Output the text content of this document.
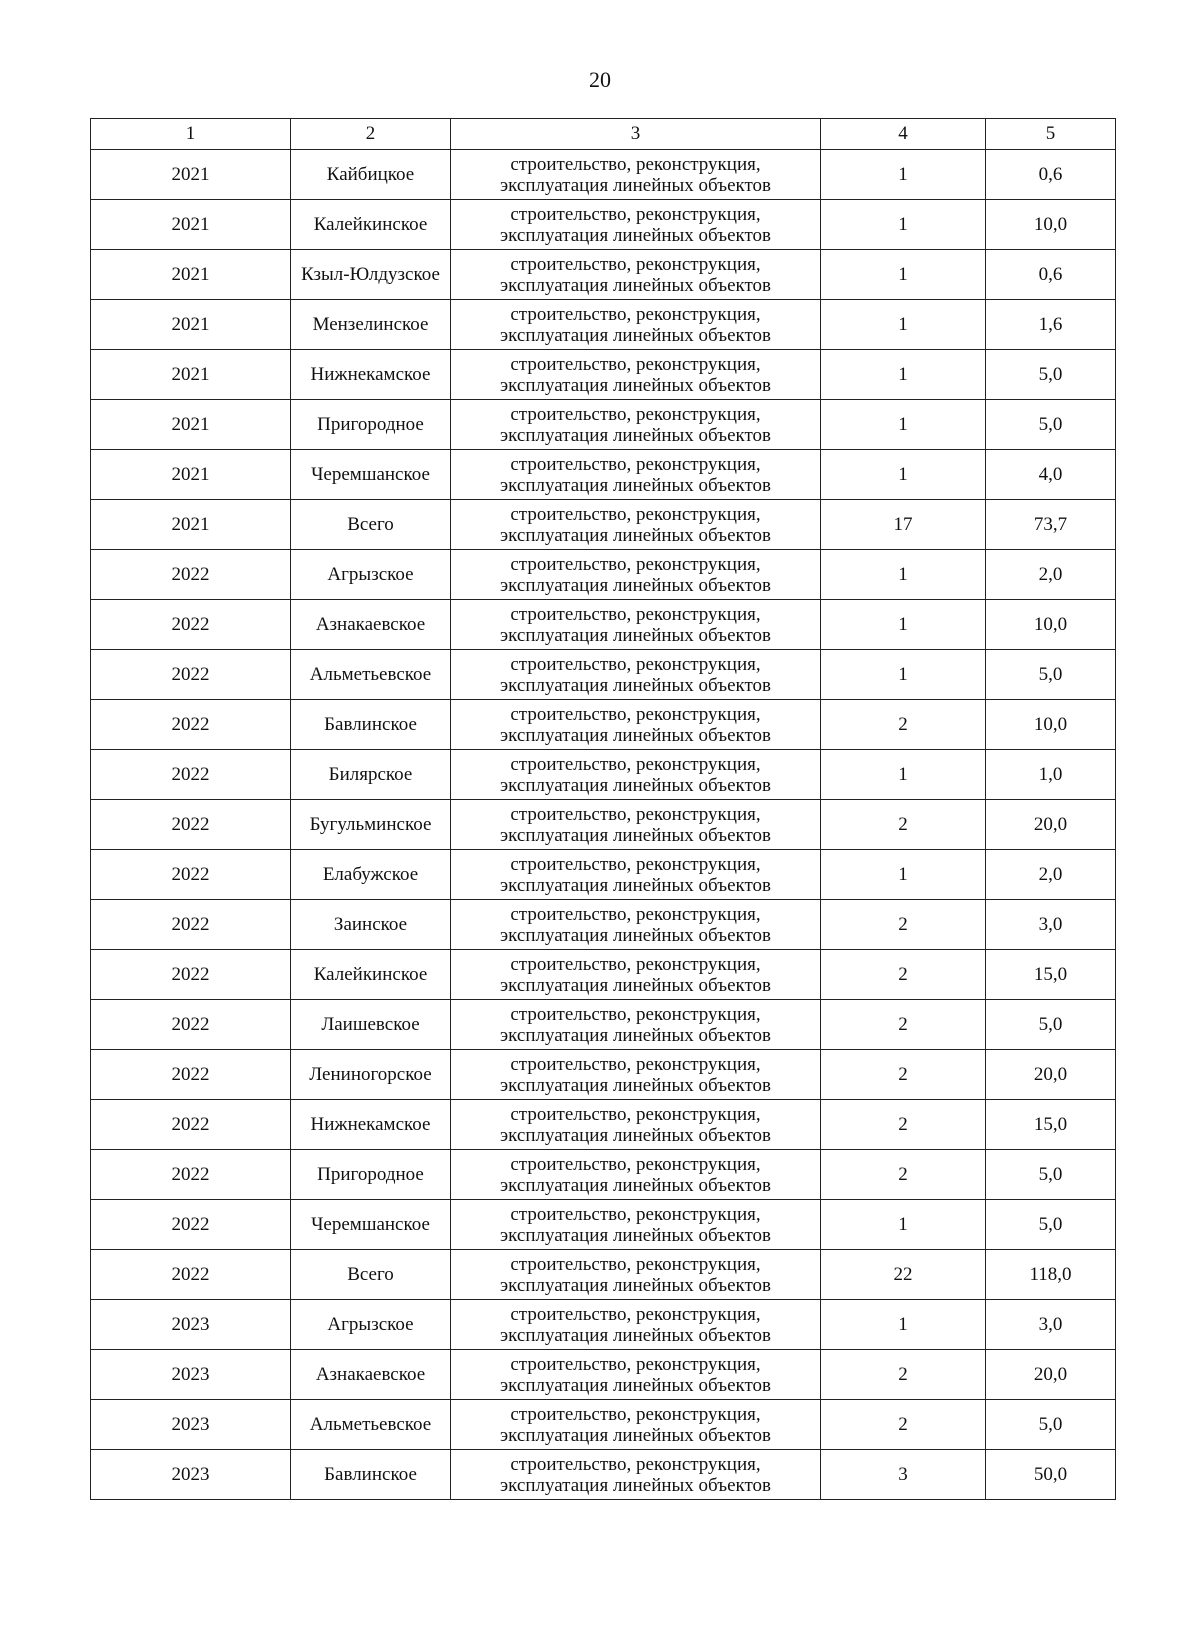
20
1	2	3	4	5
2021	Кайбицкое	строительство, реконструкция,
эксплуатация линейных объектов	1	0,6
2021	Калейкинское	строительство, реконструкция,
эксплуатация линейных объектов	1	10,0
2021	Кзыл-Юлдузское	строительство, реконструкция,
эксплуатация линейных объектов	1	0,6
2021	Мензелинское	строительство, реконструкция,
эксплуатация линейных объектов	1	1,6
2021	Нижнекамское	строительство, реконструкция,
эксплуатация линейных объектов	1	5,0
2021	Пригородное	строительство, реконструкция,
эксплуатация линейных объектов	1	5,0
2021	Черемшанское	строительство, реконструкция,
эксплуатация линейных объектов	1	4,0
2021	Всего	строительство, реконструкция,
эксплуатация линейных объектов	17	73,7
2022	Агрызское	строительство, реконструкция,
эксплуатация линейных объектов	1	2,0
2022	Азнакаевское	строительство, реконструкция,
эксплуатация линейных объектов	1	10,0
2022	Альметьевское	строительство, реконструкция,
эксплуатация линейных объектов	1	5,0
2022	Бавлинское	строительство, реконструкция,
эксплуатация линейных объектов	2	10,0
2022	Билярское	строительство, реконструкция,
эксплуатация линейных объектов	1	1,0
2022	Бугульминское	строительство, реконструкция,
эксплуатация линейных объектов	2	20,0
2022	Елабужское	строительство, реконструкция,
эксплуатация линейных объектов	1	2,0
2022	Заинское	строительство, реконструкция,
эксплуатация линейных объектов	2	3,0
2022	Калейкинское	строительство, реконструкция,
эксплуатация линейных объектов	2	15,0
2022	Лаишевское	строительство, реконструкция,
эксплуатация линейных объектов	2	5,0
2022	Лениногорское	строительство, реконструкция,
эксплуатация линейных объектов	2	20,0
2022	Нижнекамское	строительство, реконструкция,
эксплуатация линейных объектов	2	15,0
2022	Пригородное	строительство, реконструкция,
эксплуатация линейных объектов	2	5,0
2022	Черемшанское	строительство, реконструкция,
эксплуатация линейных объектов	1	5,0
2022	Всего	строительство, реконструкция,
эксплуатация линейных объектов	22	118,0
2023	Агрызское	строительство, реконструкция,
эксплуатация линейных объектов	1	3,0
2023	Азнакаевское	строительство, реконструкция,
эксплуатация линейных объектов	2	20,0
2023	Альметьевское	строительство, реконструкция,
эксплуатация линейных объектов	2	5,0
2023	Бавлинское	строительство, реконструкция,
эксплуатация линейных объектов	3	50,0
